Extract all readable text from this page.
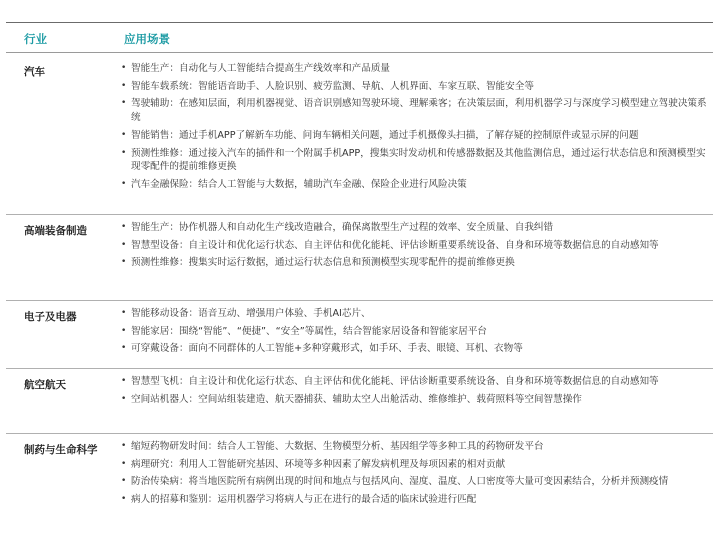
行业	应用场景
汽车	• 智能生产：自动化与人工智能结合提高生产线效率和产品质量
• 智能车载系统：智能语音助手、人脸识别、疲劳监测、导航、人机界面、车家互联、智能安全等
• 驾驶辅助：在感知层面，利用机器视觉、语音识别感知驾驶环境、理解乘客；在决策层面，利用机器学习与深度学习模型建立驾驶决策系统
• 智能销售：通过手机APP了解新车功能、问询车辆相关问题，通过手机摄像头扫描，了解存疑的控制原件或显示屏的问题
• 预测性维修：通过接入汽车的插件和一个附属手机APP，搜集实时发动机和传感器数据及其他监测信息，通过运行状态信息和预测模型实现零配件的提前维修更换
• 汽车金融保险：结合人工智能与大数据，辅助汽车金融、保险企业进行风险决策
高端装备制造	• 智能生产：协作机器人和自动化生产线改造融合，确保离散型生产过程的效率、安全质量、自我纠错
• 智慧型设备：自主设计和优化运行状态、自主评估和优化能耗、评估诊断重要系统设备、自身和环境等数据信息的自动感知等
• 预测性维修：搜集实时运行数据，通过运行状态信息和预测模型实现零配件的提前维修更换
电子及电器	• 智能移动设备：语音互动、增强用户体验、手机AI芯片、
• 智能家居：围绕“智能”、“便捷”、“安全”等属性，结合智能家居设备和智能家居平台
• 可穿戴设备：面向不同群体的人工智能+多种穿戴形式，如手环、手表、眼镜、耳机、衣物等
航空航天	• 智慧型飞机：自主设计和优化运行状态、自主评估和优化能耗、评估诊断重要系统设备、自身和环境等数据信息的自动感知等
• 空间站机器人：空间站组装建造、航天器捕获、辅助太空人出舱活动、维修维护、载荷照料等空间智慧操作
制药与生命科学	• 缩短药物研发时间：结合人工智能、大数据、生物模型分析、基因组学等多种工具的药物研发平台
• 病理研究：利用人工智能研究基因、环境等多种因素了解发病机理及每项因素的相对贡献
• 防治传染病：将当地医院所有病例出现的时间和地点与包括风向、湿度、温度、人口密度等大量可变因素结合，分析并预测疫情
• 病人的招募和鉴别：运用机器学习将病人与正在进行的最合适的临床试验进行匹配
